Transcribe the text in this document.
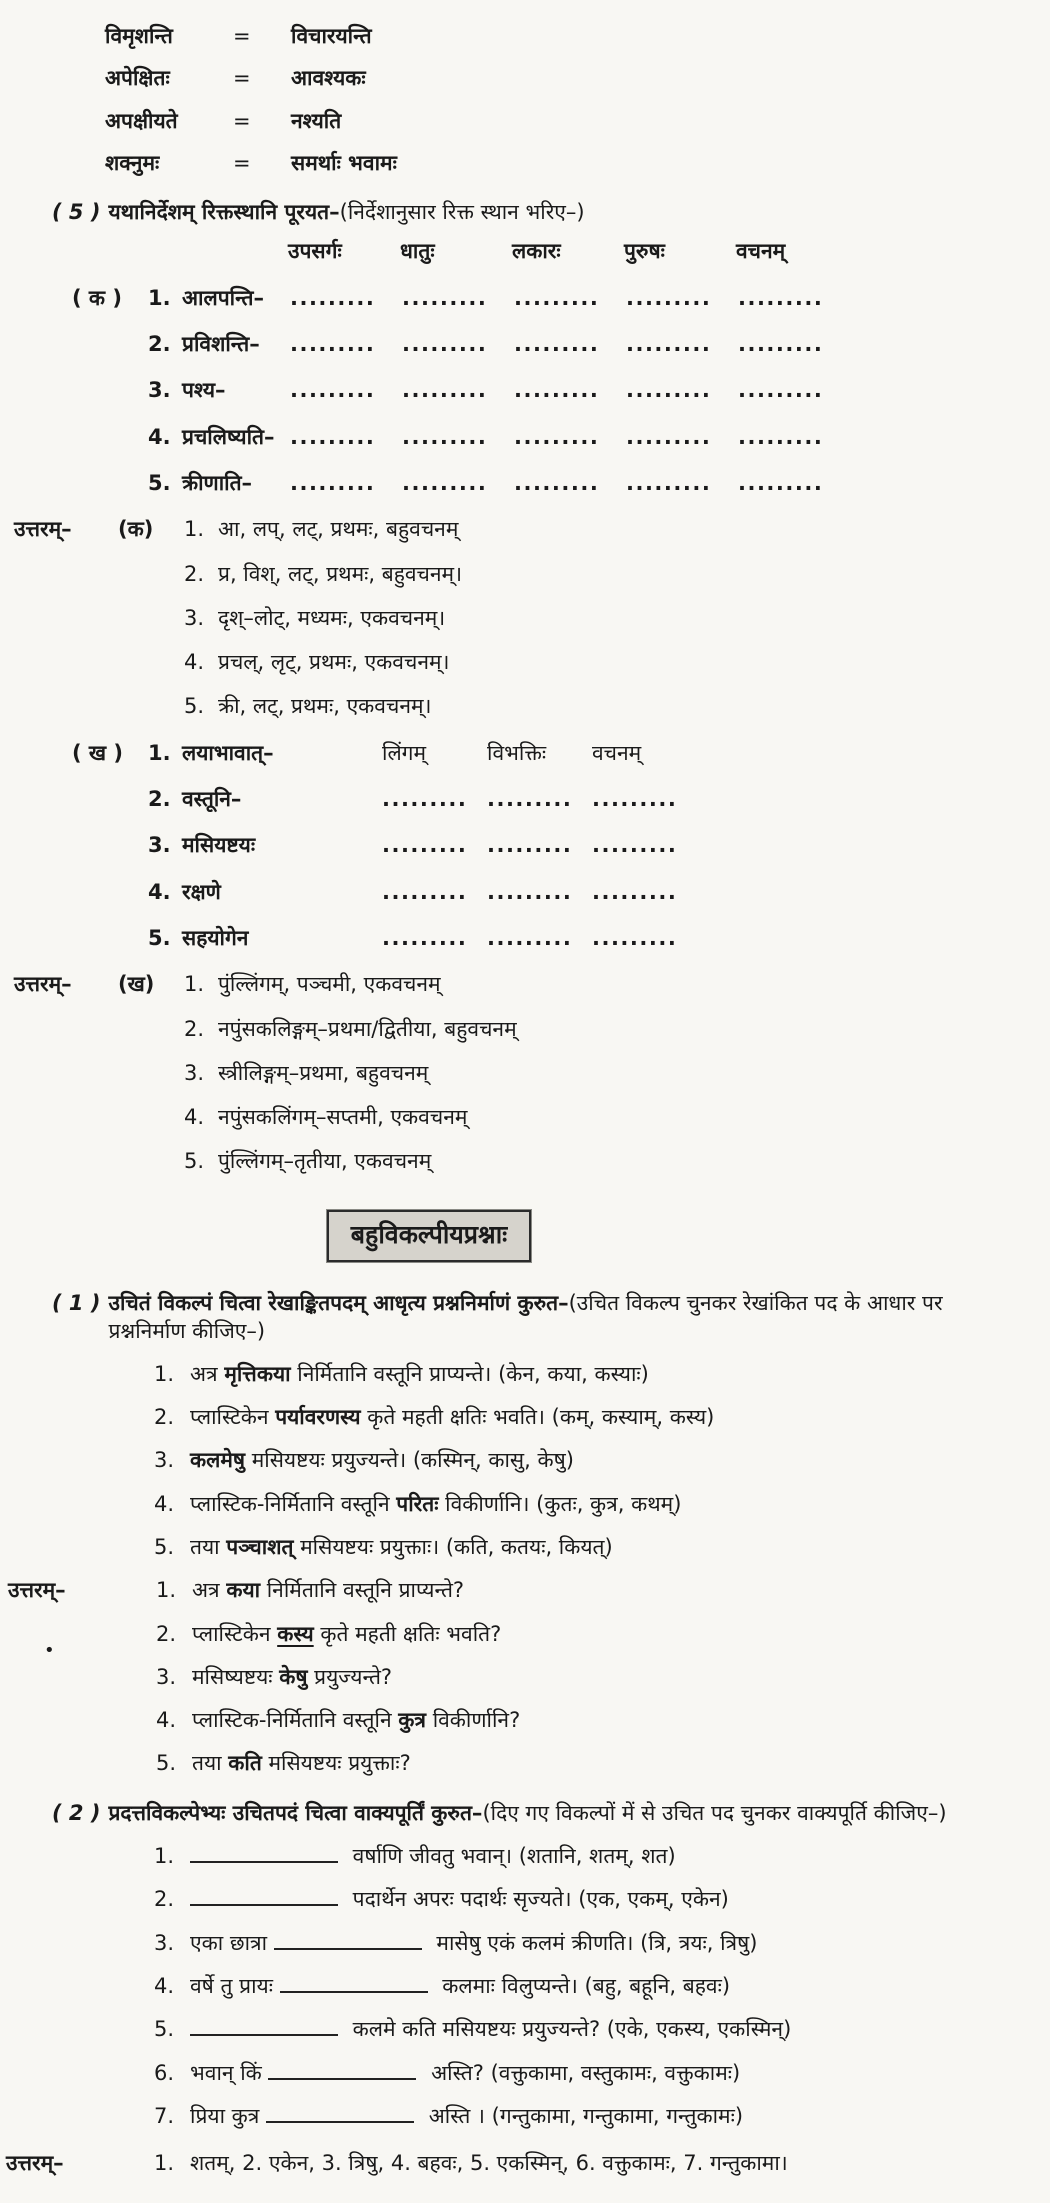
विमृशन्ति	=	विचारयन्ति
अपेक्षितः	=	आवश्यकः
अपक्षीयते	=	नश्यति
शक्नुमः	=	समर्थाः भवामः
( 5 ) यथानिर्देशम् रिक्तस्थानि पूरयत–(निर्देशानुसार रिक्त स्थान भरिए–)
उपसर्गः	धातुः	लकारः	पुरुषः	वचनम्
( क )	1. आलपन्ति–	.........	.........	.........	.........	.........
2. प्रविशन्ति–	.........	.........	.........	.........	.........
3. पश्य–	.........	.........	.........	.........	.........
4. प्रचलिष्यति– .........	.........	.........	.........	.........
5. क्रीणाति–	.........	.........	.........	.........	.........
उत्तरम्–	(क)	1. आ, लप्, लट्, प्रथमः, बहुवचनम्
2. प्र, विश्, लट्, प्रथमः, बहुवचनम्।
3. दृश्–लोट्, मध्यमः, एकवचनम्।
4. प्रचल्, लृट्, प्रथमः, एकवचनम्।
5. क्री, लट्, प्रथमः, एकवचनम्।
( ख )	1. लयाभावात्–	लिंगम्	विभक्तिः	वचनम्
2. वस्तूनि–	......... ......... .........
3. मसियष्टयः	......... ......... .........
4. रक्षणे	......... ......... .........
5. सहयोगेन	......... ......... .........
उत्तरम्–	(ख)	1. पुंल्लिंगम्, पञ्चमी, एकवचनम्
2. नपुंसकलिङ्गम्–प्रथमा/द्वितीया, बहुवचनम्
3. स्त्रीलिङ्गम्–प्रथमा, बहुवचनम्
4. नपुंसकलिंगम्–सप्तमी, एकवचनम्
5. पुंल्लिंगम्–तृतीया, एकवचनम्
बहुविकल्पीयप्रश्नाः
( 1 ) उचितं विकल्पं चित्वा रेखाङ्कितपदम् आधृत्य प्रश्ननिर्माणं कुरुत–(उचित विकल्प चुनकर रेखांकित पद के आधार पर प्रश्ननिर्माण कीजिए–)
1. अत्र मृत्तिकया निर्मितानि वस्तूनि प्राप्यन्ते। (केन, कया, कस्याः)
2. प्लास्टिकेन पर्यावरणस्य कृते महती क्षतिः भवति। (कम्, कस्याम्, कस्य)
3. कलमेषु मसियष्टयः प्रयुज्यन्ते। (कस्मिन्, कासु, केषु)
4. प्लास्टिक-निर्मितानि वस्तूनि परितः विकीर्णानि। (कुतः, कुत्र, कथम्)
5. तया पञ्चाशत् मसियष्टयः प्रयुक्ताः। (कति, कतयः, कियत्)
•
उत्तरम्–	1. अत्र कया निर्मितानि वस्तूनि प्राप्यन्ते?
2. प्लास्टिकेन कस्य कृते महती क्षतिः भवति?
3. मसिष्यष्टयः केषु प्रयुज्यन्ते?
4. प्लास्टिक-निर्मितानि वस्तूनि कुत्र विकीर्णानि?
5. तया कति मसियष्टयः प्रयुक्ताः?
( 2 ) प्रदत्तविकल्पेभ्यः उचितपदं चित्वा वाक्यपूर्तिं कुरुत–(दिए गए विकल्पों में से उचित पद चुनकर वाक्यपूर्ति कीजिए–)
1.	वर्षाणि जीवतु भवान्। (शतानि, शतम्, शत)
2.	पदार्थेन अपरः पदार्थः सृज्यते। (एक, एकम्, एकेन)
3. एका छात्रा	मासेषु एकं कलमं क्रीणति। (त्रि, त्रयः, त्रिषु)
4. वर्षे तु प्रायः	कलमाः विलुप्यन्ते। (बहु, बहूनि, बहवः)
5.	कलमे कति मसियष्टयः प्रयुज्यन्ते? (एके, एकस्य, एकस्मिन्)
6. भवान् किं	अस्ति? (वक्तुकामा, वस्तुकामः, वक्तुकामः)
7. प्रिया कुत्र	अस्ति । (गन्तुकामा, गन्तुकामा, गन्तुकामः)
उत्तरम्–	1. शतम्, 2. एकेन, 3. त्रिषु, 4. बहवः, 5. एकस्मिन्, 6. वक्तुकामः, 7. गन्तुकामा।
